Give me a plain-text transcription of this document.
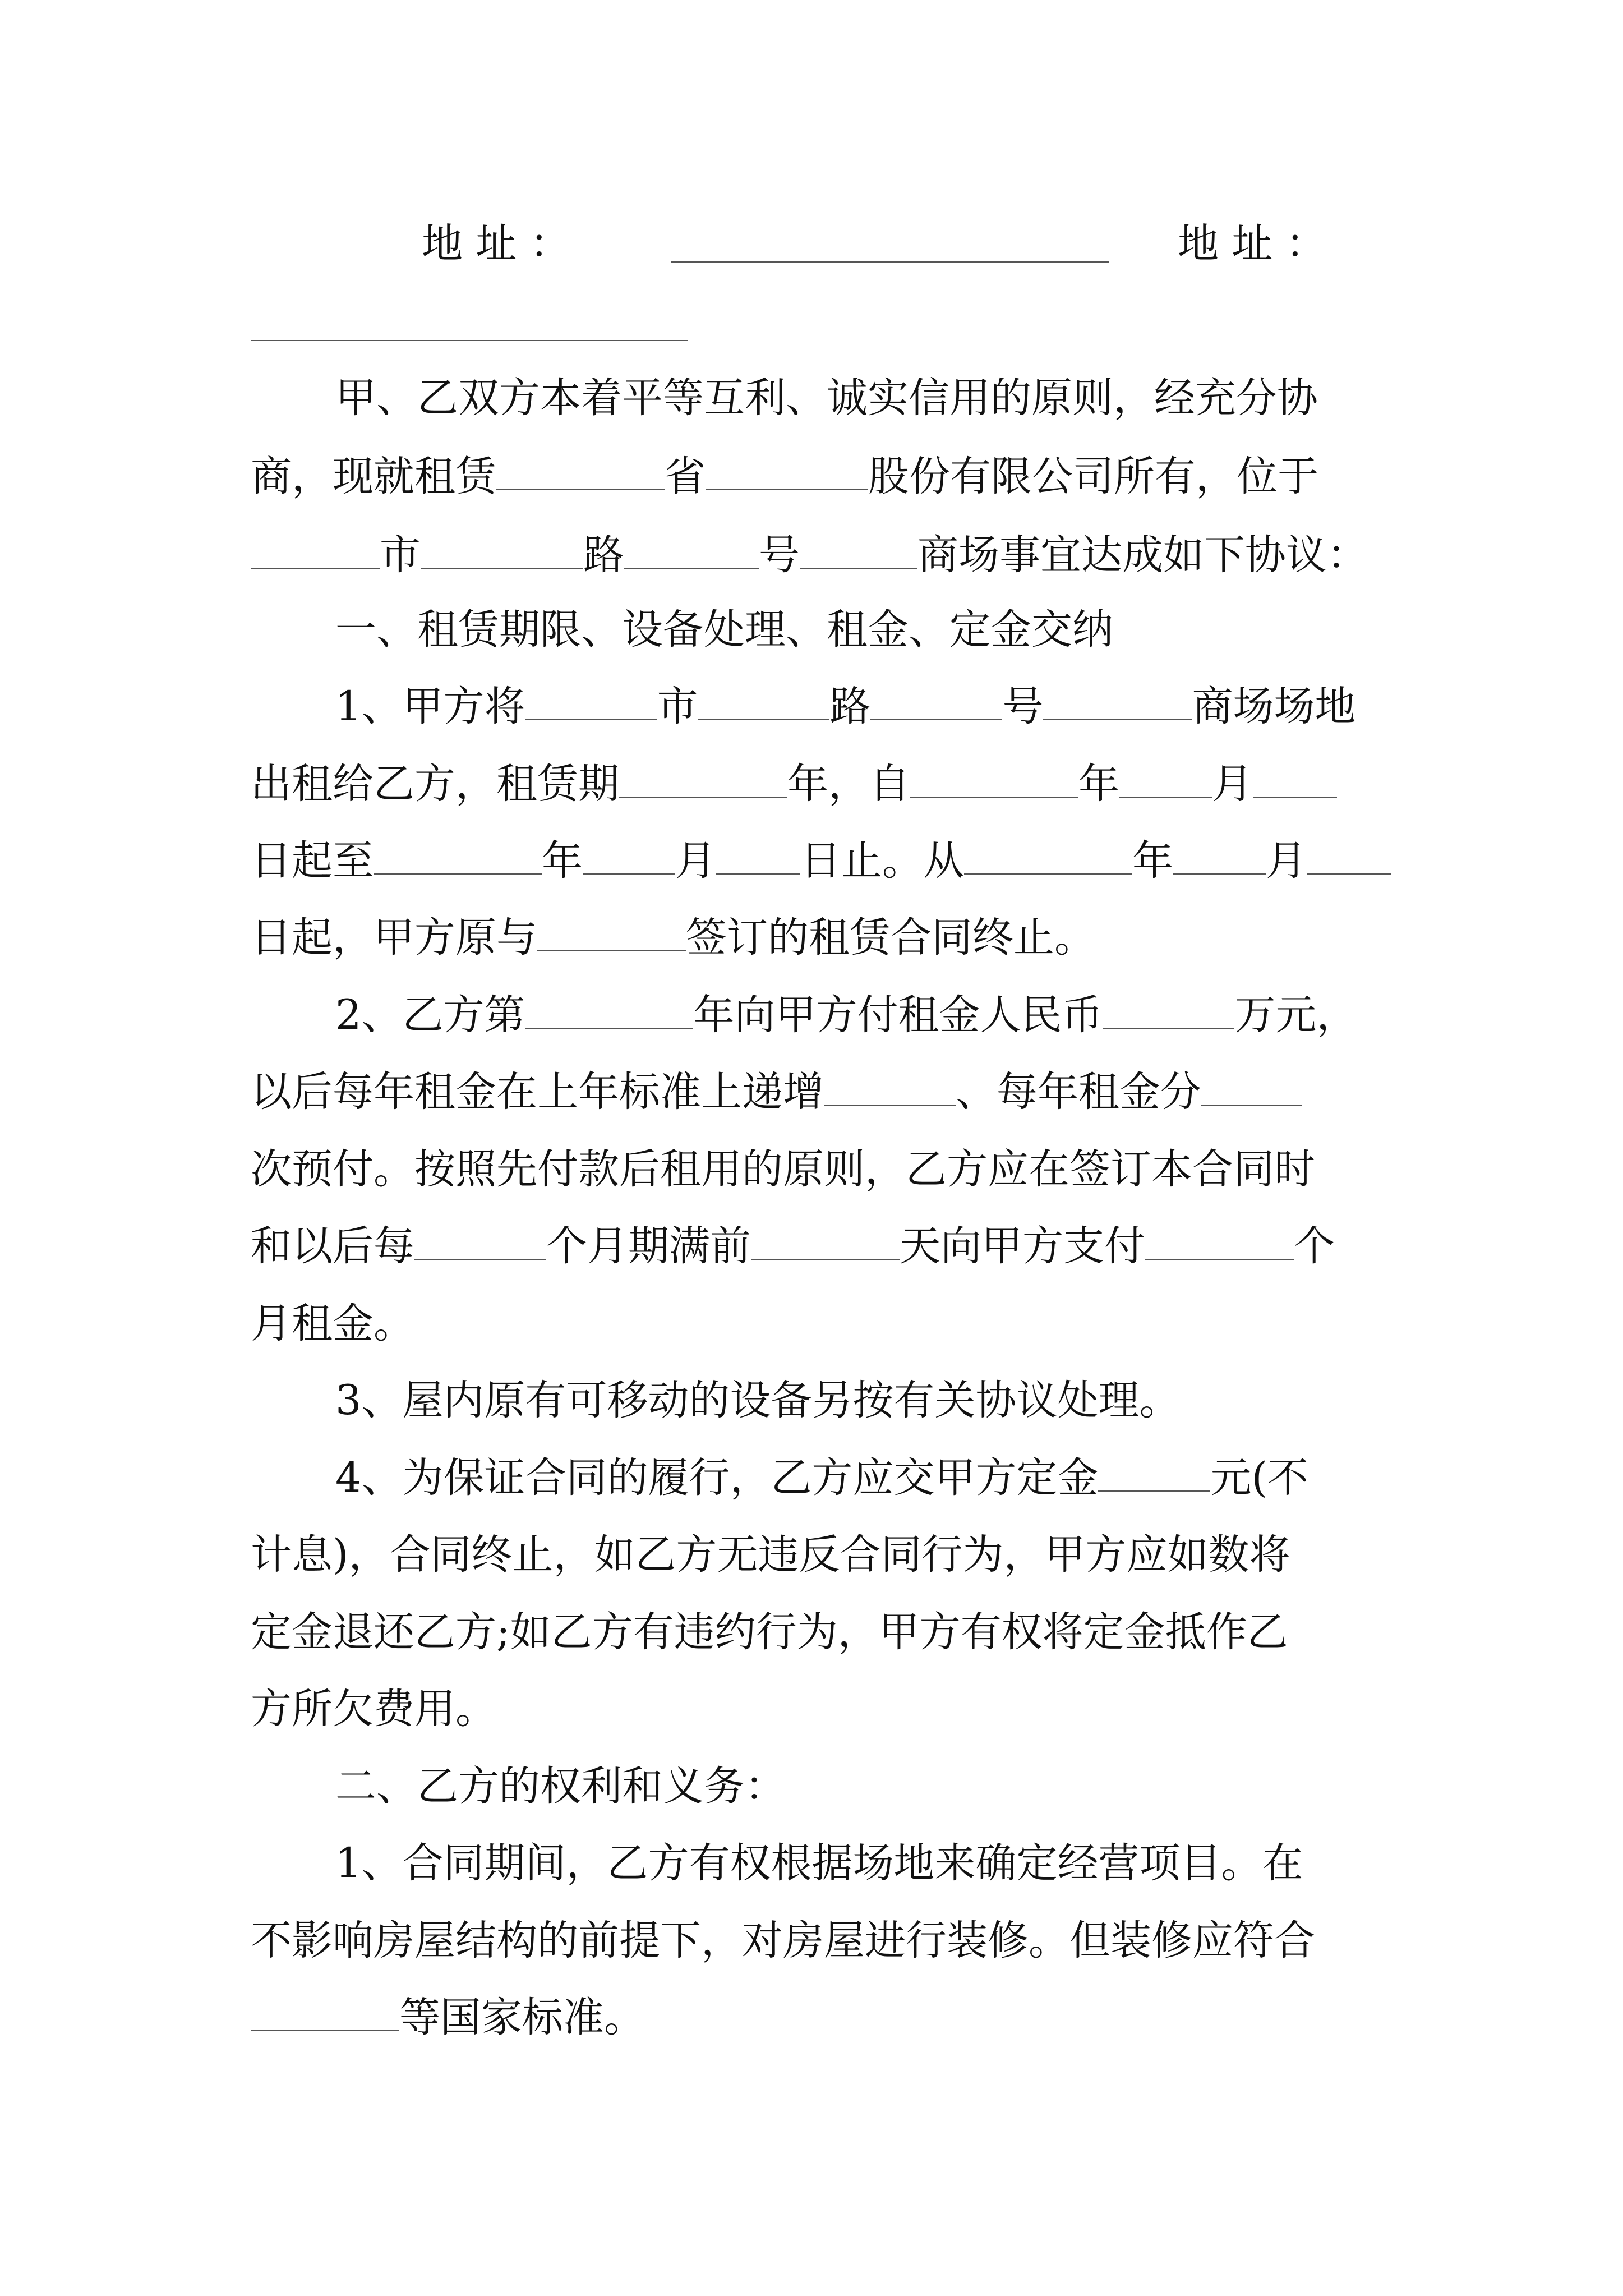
地 址 ：	地 址 ：
甲、乙双方本着平等互利、诚实信用的原则，经充分协
商，现就租赁	省	股份有限公司所有，位于
市	路	号	商场事宜达成如下协议：
一、租赁期限、设备处理、租金、定金交纳
1、甲方将	市	路	号	商场场地
出租给乙方，租赁期	年，自	年 月
日起至	年 月 日止。从	年 月
日起，甲方原与	签订的租赁合同终止。
2、乙方第	年向甲方付租金人民币	万元，
以后每年租金在上年标准上递增	、每年租金分
次预付。按照先付款后租用的原则，乙方应在签订本合同时
和以后每	个月期满前	天向甲方支付	个
月租金。
3、屋内原有可移动的设备另按有关协议处理。
4、为保证合同的履行，乙方应交甲方定金	元(不
计息)，合同终止，如乙方无违反合同行为，甲方应如数将
定金退还乙方;如乙方有违约行为，甲方有权将定金抵作乙
方所欠费用。
二、乙方的权利和义务：
1、合同期间，乙方有权根据场地来确定经营项目。在
不影响房屋结构的前提下，对房屋进行装修。但装修应符合
等国家标准。
